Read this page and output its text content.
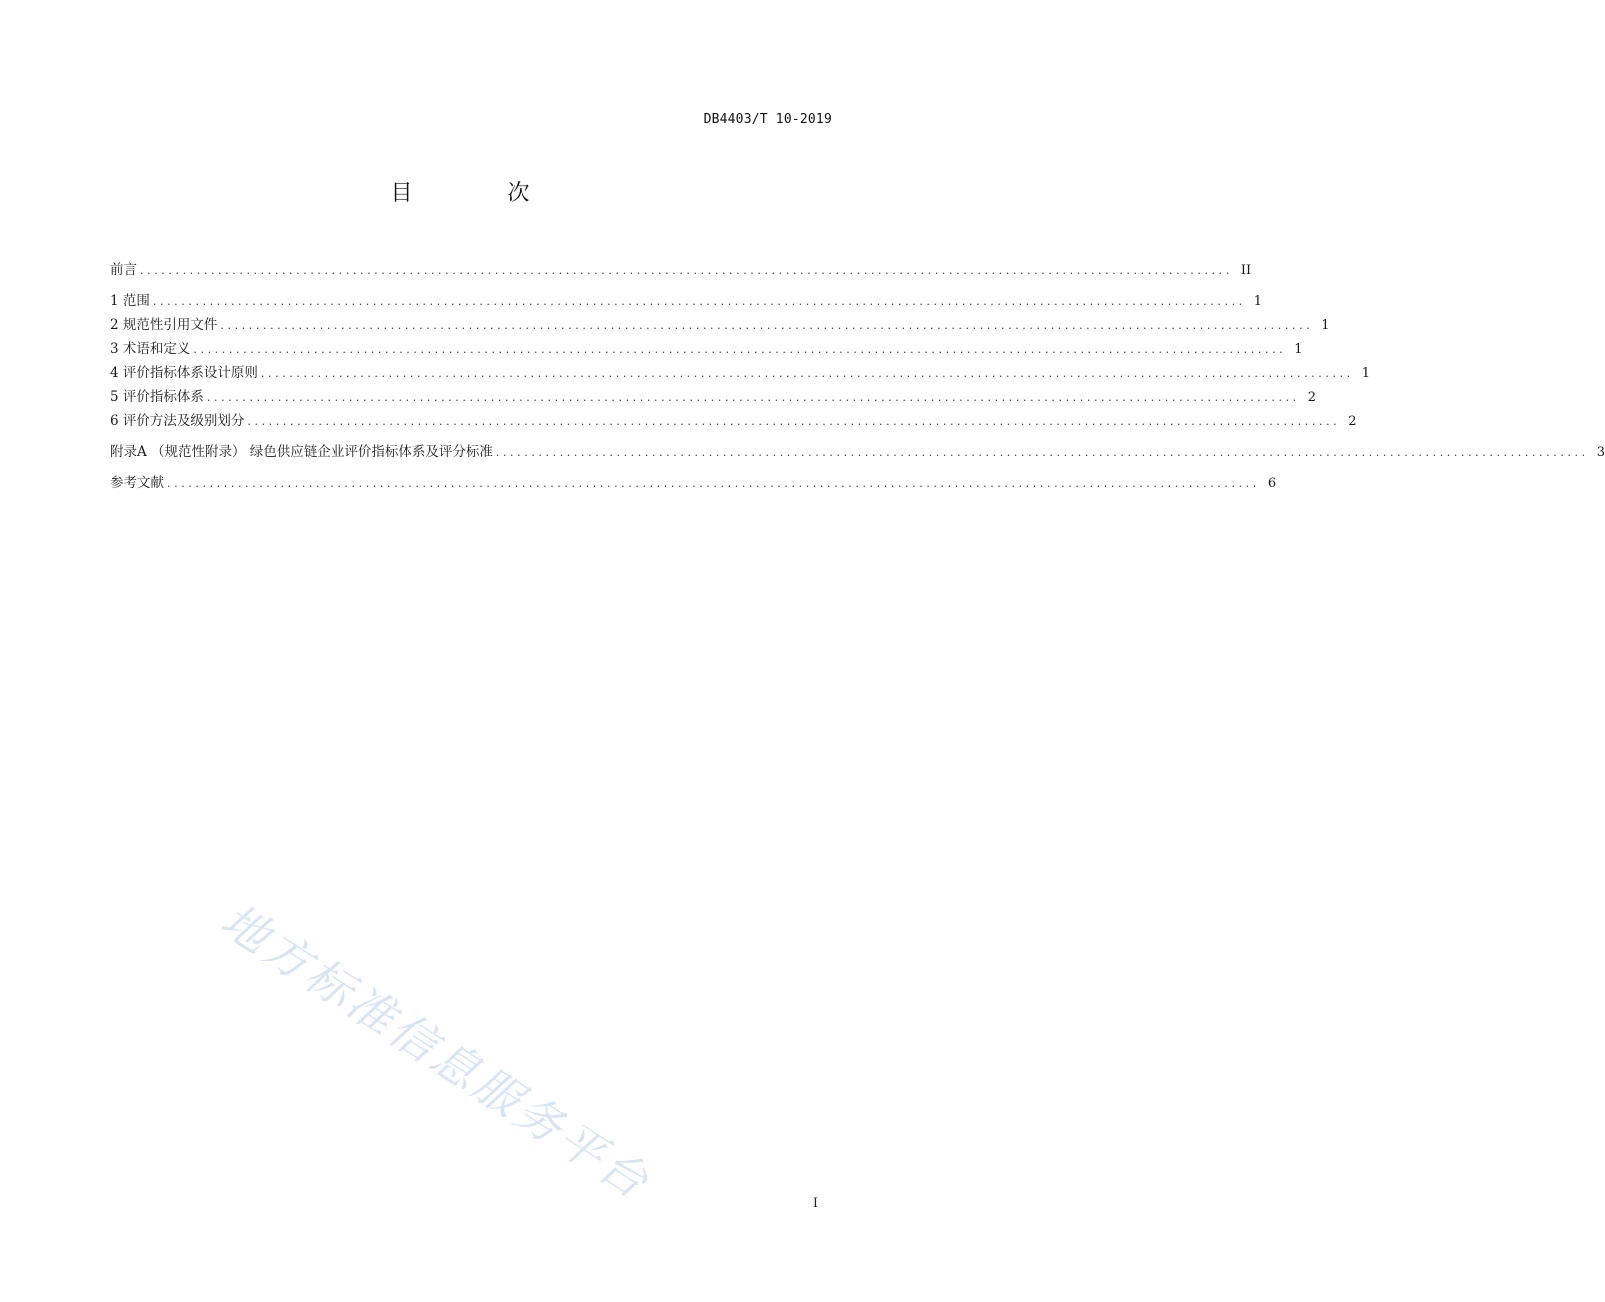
DB4403/T 10-2019
目 次
前言 .......................................................................................................................................................... II
1 范围 .......................................................................................................................................................... 1
2 规范性引用文件 .......................................................................................................................................................... 1
3 术语和定义 .......................................................................................................................................................... 1
4 评价指标体系设计原则 .......................................................................................................................................................... 1
5 评价指标体系 .......................................................................................................................................................... 2
6 评价方法及级别划分 .......................................................................................................................................................... 2
附录A （规范性附录） 绿色供应链企业评价指标体系及评分标准 .......................................................................................................................................................... 3
参考文献 .......................................................................................................................................................... 6
地方标准信息服务平台	I
